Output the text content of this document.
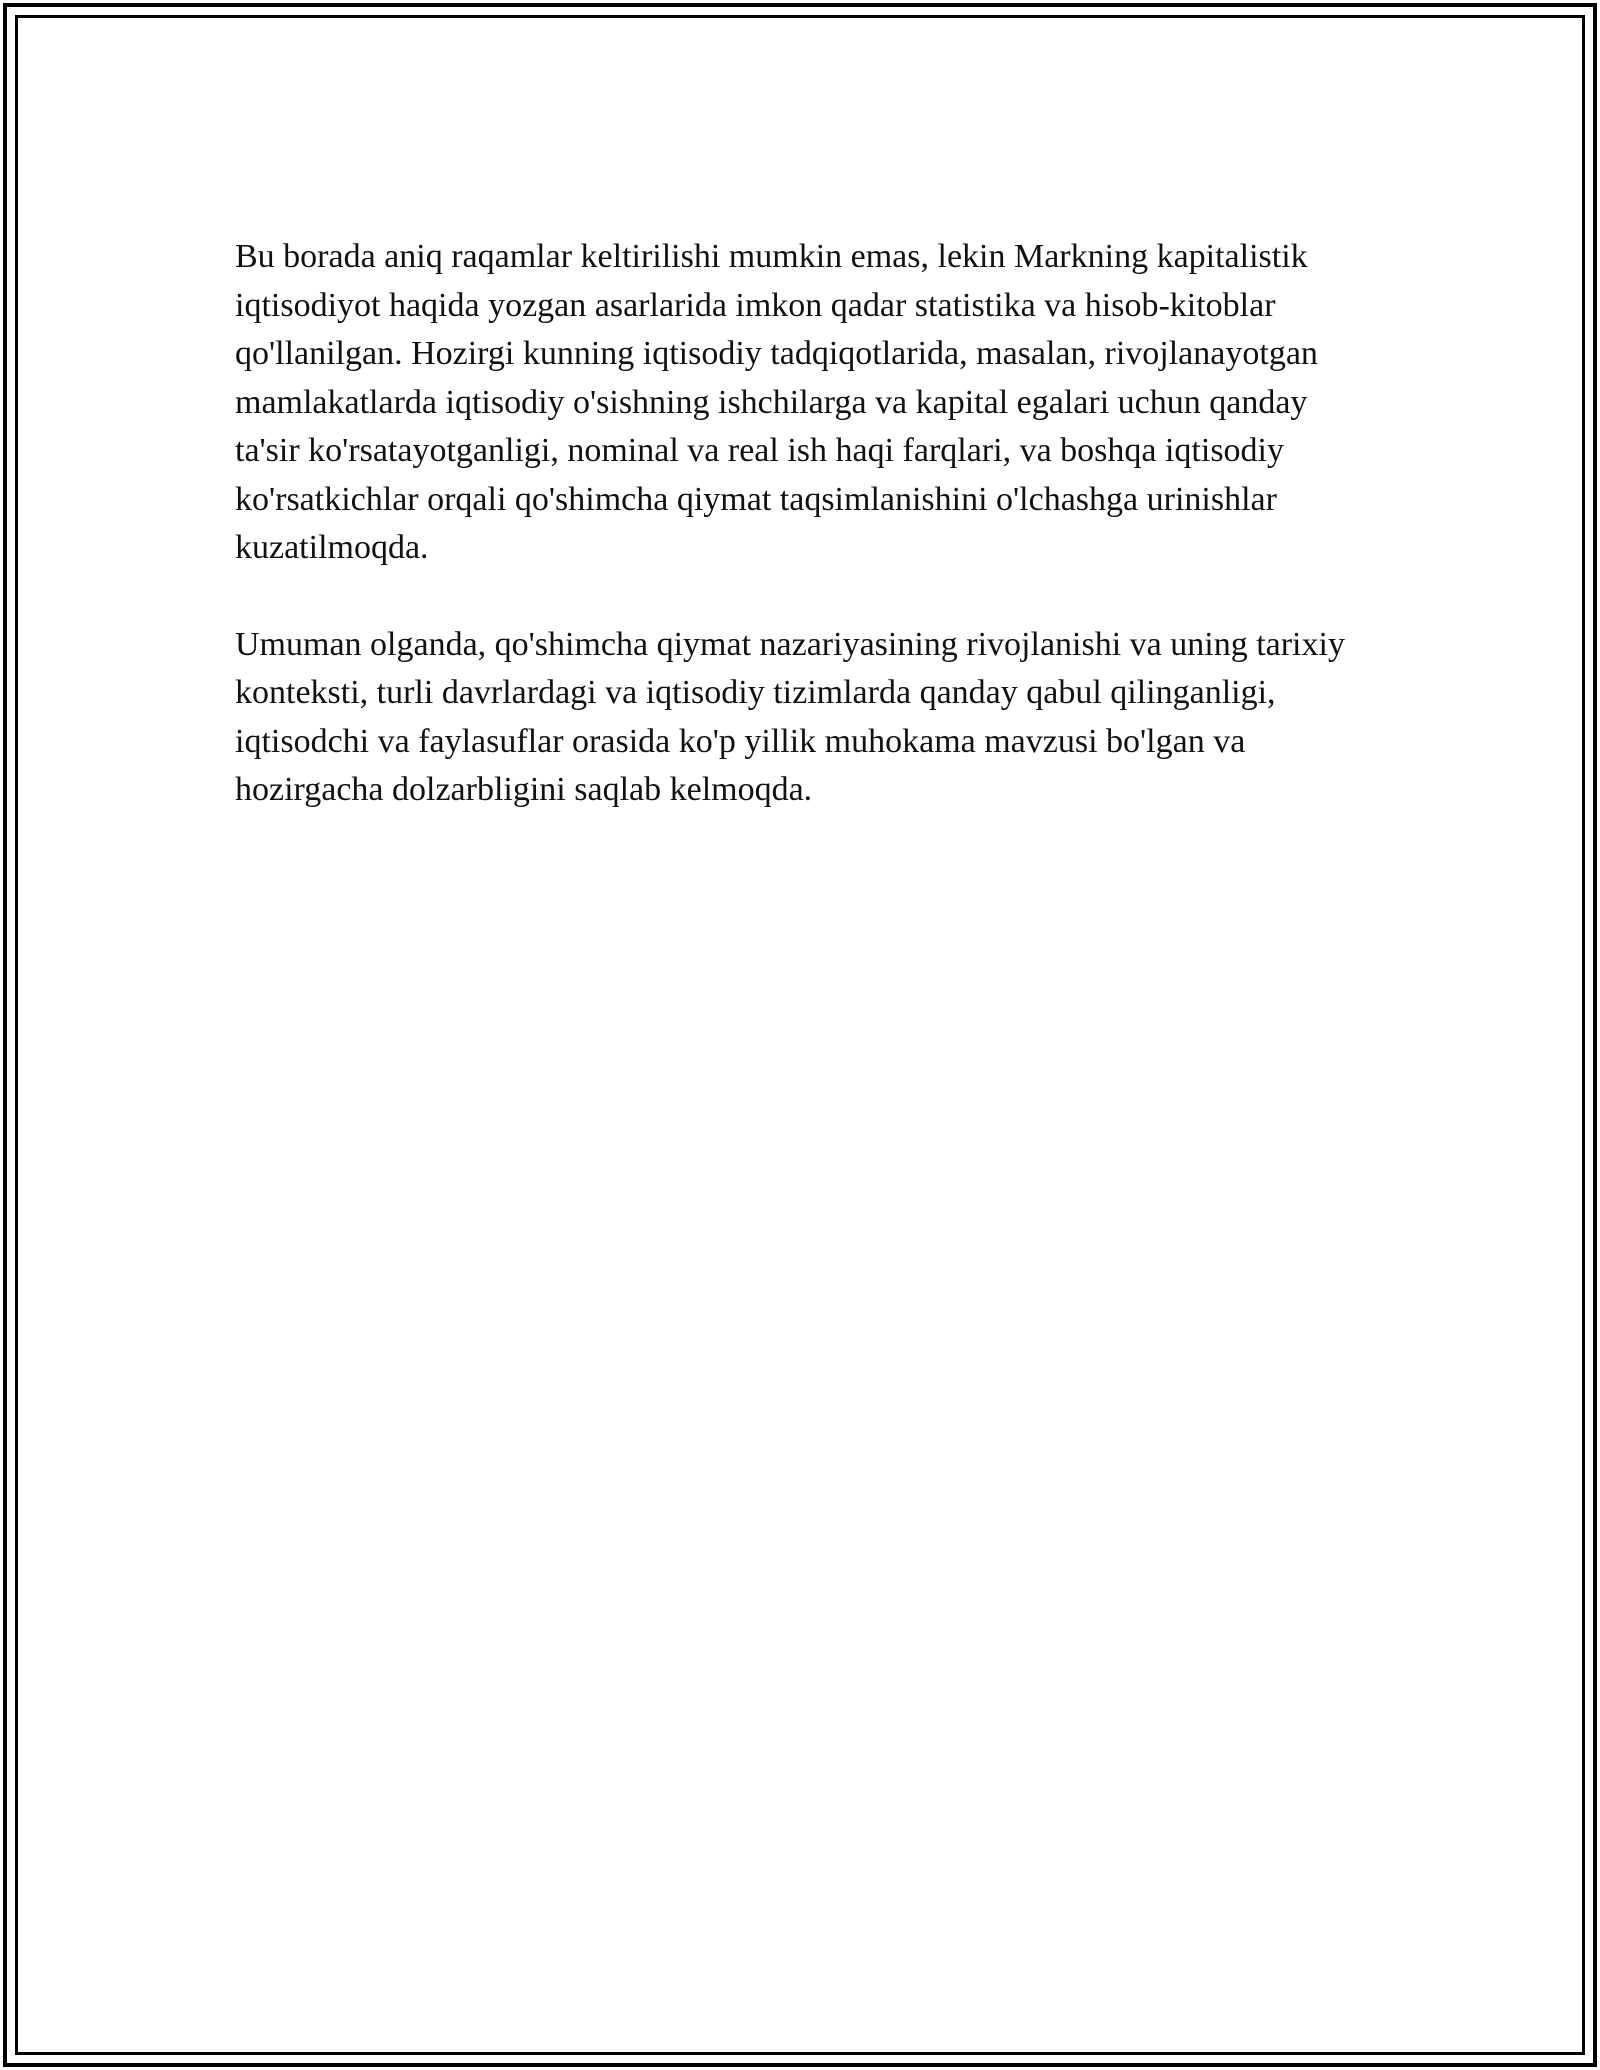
Bu borada aniq raqamlar keltirilishi mumkin emas, lekin Markning kapitalistik iqtisodiyot haqida yozgan asarlarida imkon qadar statistika va hisob-kitoblar qo'llanilgan. Hozirgi kunning iqtisodiy tadqiqotlarida, masalan, rivojlanayotgan mamlakatlarda iqtisodiy o'sishning ishchilarga va kapital egalari uchun qanday ta'sir ko'rsatayotganligi, nominal va real ish haqi farqlari, va boshqa iqtisodiy ko'rsatkichlar orqali qo'shimcha qiymat taqsimlanishini o'lchashga urinishlar kuzatilmoqda.

Umuman olganda, qo'shimcha qiymat nazariyasining rivojlanishi va uning tarixiy konteksti, turli davrlardagi va iqtisodiy tizimlarda qanday qabul qilinganligi, iqtisodchi va faylasuflar orasida ko'p yillik muhokama mavzusi bo'lgan va hozirgacha dolzarbligini saqlab kelmoqda.
